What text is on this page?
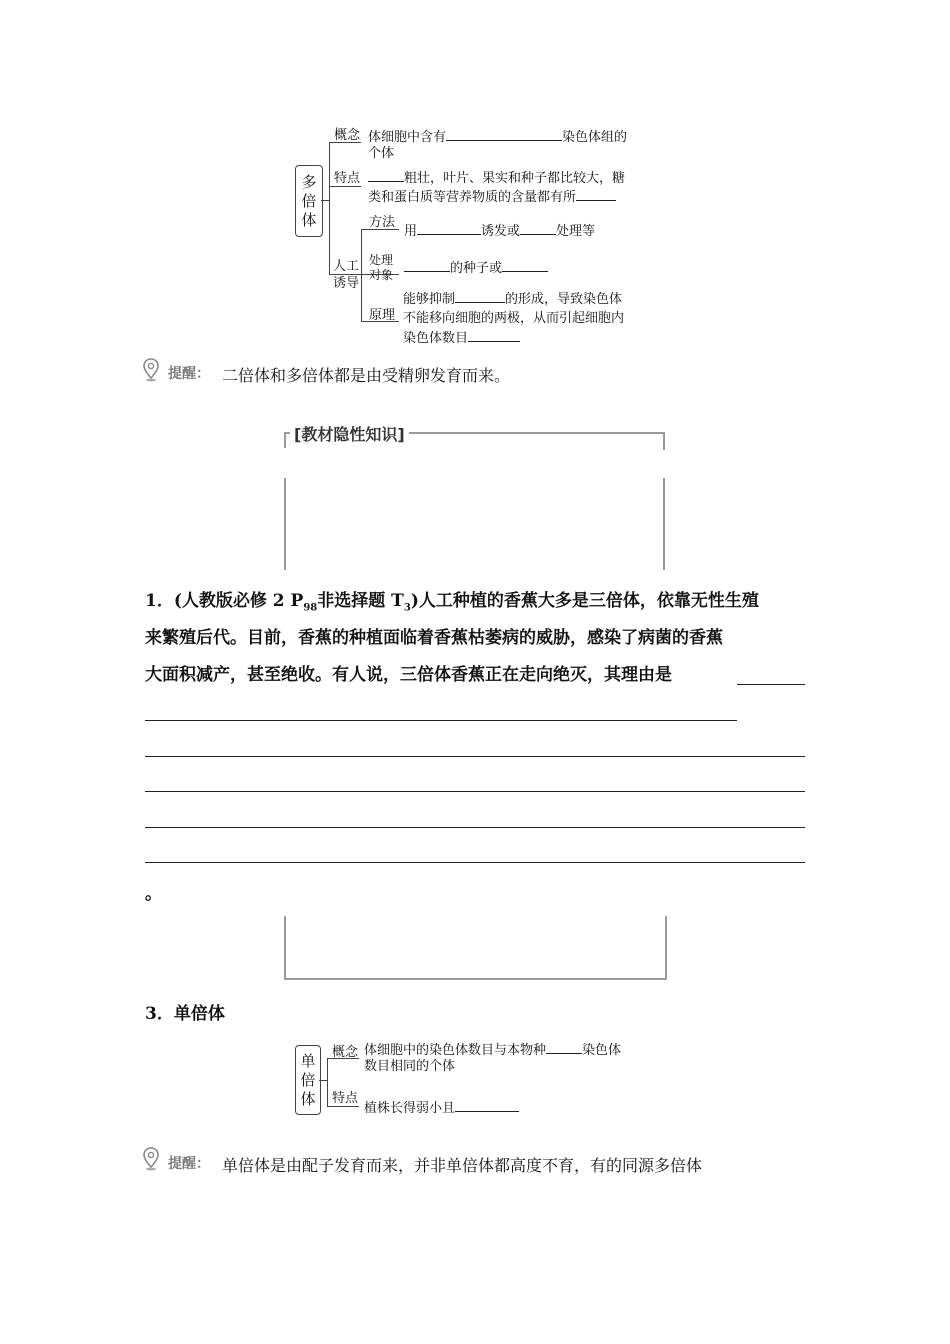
多
倍
体
概念 体细胞中含有	染色体组的
个体
特点	粗壮，叶片、果实和种子都比较大，糖
类和蛋白质等营养物质的含量都有所
人工
诱导
方法
用	诱发或	处理等
处理
对象	的种子或
原理
能够抑制	的形成，导致染色体
不能移向细胞的两极，从而引起细胞内
染色体数目
提醒： 二倍体和多倍体都是由受精卵发育而来。
[教材隐性知识]
1．(人教版必修 2 $P_{98}$非选择题 $T_3$)人工种植的香蕉大多是三倍体，依靠无性生殖
来繁殖后代。目前，香蕉的种植面临着香蕉枯萎病的威胁，感染了病菌的香蕉
大面积减产，甚至绝收。有人说，三倍体香蕉正在走向绝灭，其理由是
。
3．单倍体
单
倍
体
概念 体细胞中的染色体数目与本物种	染色体
数目相同的个体
特点
植株长得弱小且
提醒： 单倍体是由配子发育而来，并非单倍体都高度不育，有的同源多倍体
